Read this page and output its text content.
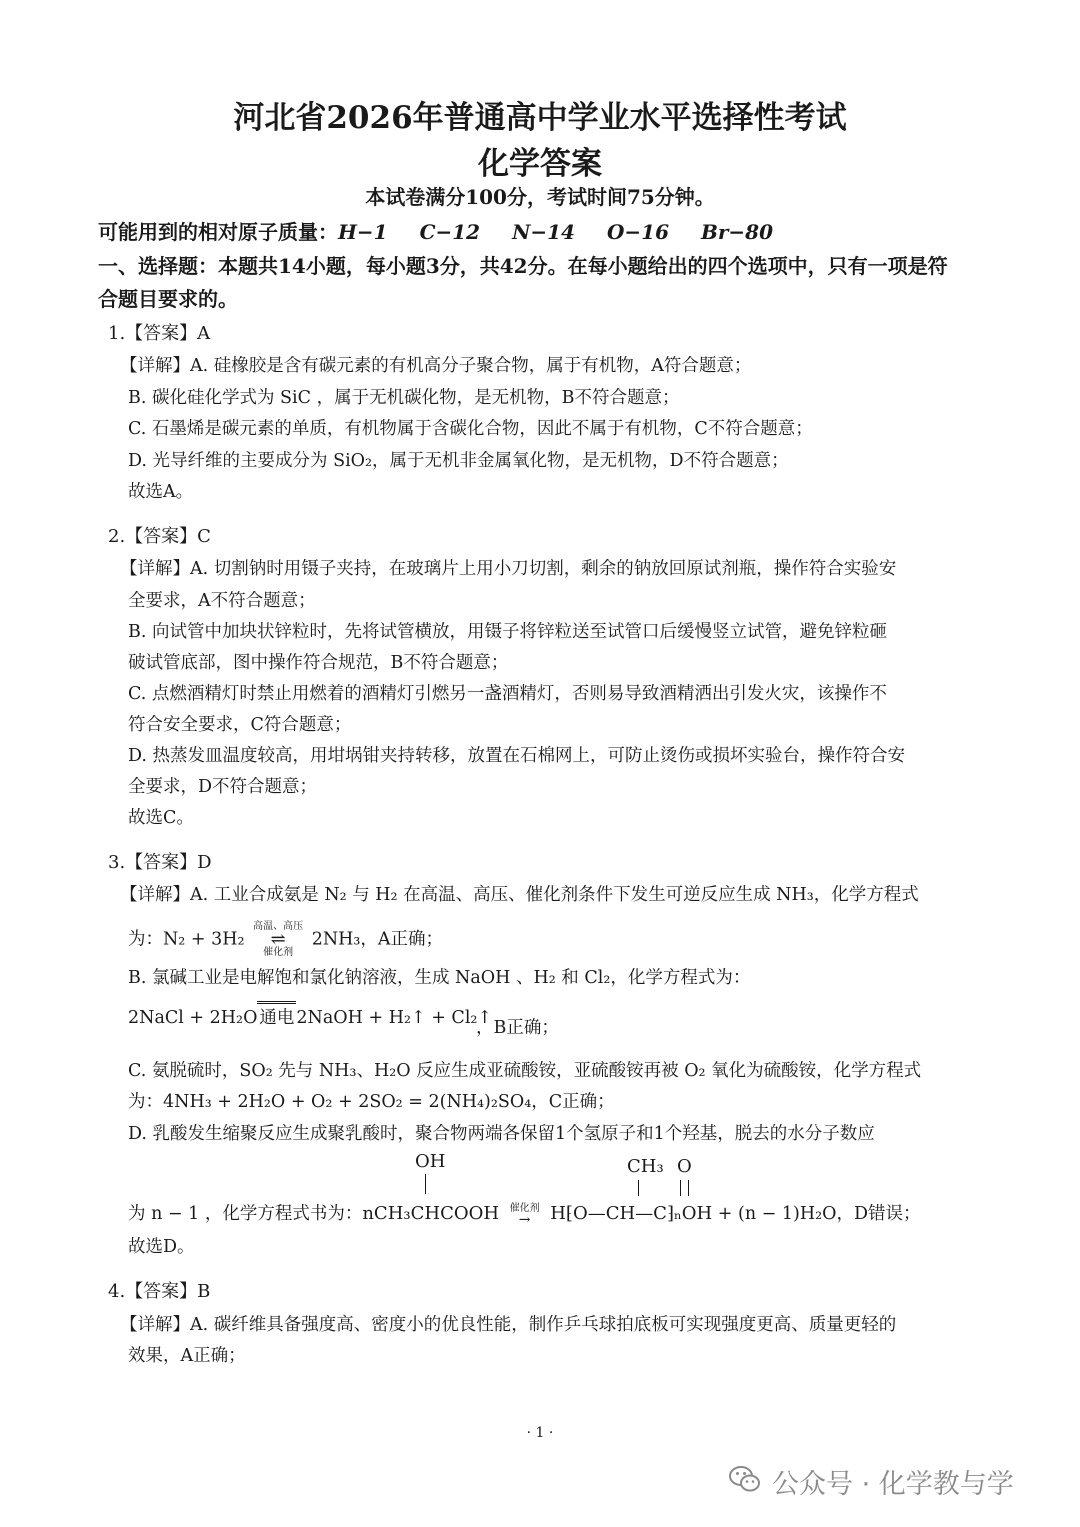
河北省2026年普通高中学业水平选择性考试
化学答案
本试卷满分100分，考试时间75分钟。
可能用到的相对原子质量：H−1 C−12 N−14 O−16 Br−80
一、选择题：本题共14小题，每小题3分，共42分。在每小题给出的四个选项中，只有一项是符
合题目要求的。
1.【答案】A
【详解】A. 硅橡胶是含有碳元素的有机高分子聚合物，属于有机物，A符合题意；
B. 碳化硅化学式为 SiC ，属于无机碳化物，是无机物，B不符合题意；
C. 石墨烯是碳元素的单质，有机物属于含碳化合物，因此不属于有机物，C不符合题意；
D. 光导纤维的主要成分为 SiO₂，属于无机非金属氧化物，是无机物，D不符合题意；
故选A。
2.【答案】C
【详解】A. 切割钠时用镊子夹持，在玻璃片上用小刀切割，剩余的钠放回原试剂瓶，操作符合实验安
全要求，A不符合题意；
B. 向试管中加块状锌粒时，先将试管横放，用镊子将锌粒送至试管口后缓慢竖立试管，避免锌粒砸
破试管底部，图中操作符合规范，B不符合题意；
C. 点燃酒精灯时禁止用燃着的酒精灯引燃另一盏酒精灯，否则易导致酒精洒出引发火灾，该操作不
符合安全要求，C符合题意；
D. 热蒸发皿温度较高，用坩埚钳夹持转移，放置在石棉网上，可防止烫伤或损坏实验台，操作符合安
全要求，D不符合题意；
故选C。
3.【答案】D
【详解】A. 工业合成氨是 N₂ 与 H₂ 在高温、高压、催化剂条件下发生可逆反应生成 NH₃，化学方程式
为：N₂ + 3H₂
高温、高压
⇌
催化剂
2NH₃，A正确；
B. 氯碱工业是电解饱和氯化钠溶液，生成 NaOH 、H₂ 和 Cl₂，化学方程式为：
2NaCl + 2H₂O 通电 2NaOH + H₂↑ + Cl₂↑
，B正确；
C. 氨脱硫时，SO₂ 先与 NH₃、H₂O 反应生成亚硫酸铵，亚硫酸铵再被 O₂ 氧化为硫酸铵，化学方程式
为：4NH₃ + 2H₂O + O₂ + 2SO₂ = 2(NH₄)₂SO₄，C正确；
D. 乳酸发生缩聚反应生成聚乳酸时，聚合物两端各保留1个氢原子和1个羟基，脱去的水分子数应
OH	CH₃ O
为 n − 1 ，化学方程式书为：nCH₃CHCOOH	催化剂
→	H⁅O—CH—C⁆ₙOH + (n − 1)H₂O，D错误；
故选D。
4.【答案】B
【详解】A. 碳纤维具备强度高、密度小的优良性能，制作乒乓球拍底板可实现强度更高、质量更轻的
效果，A正确；
· 1 ·
公众号 · 化学教与学
